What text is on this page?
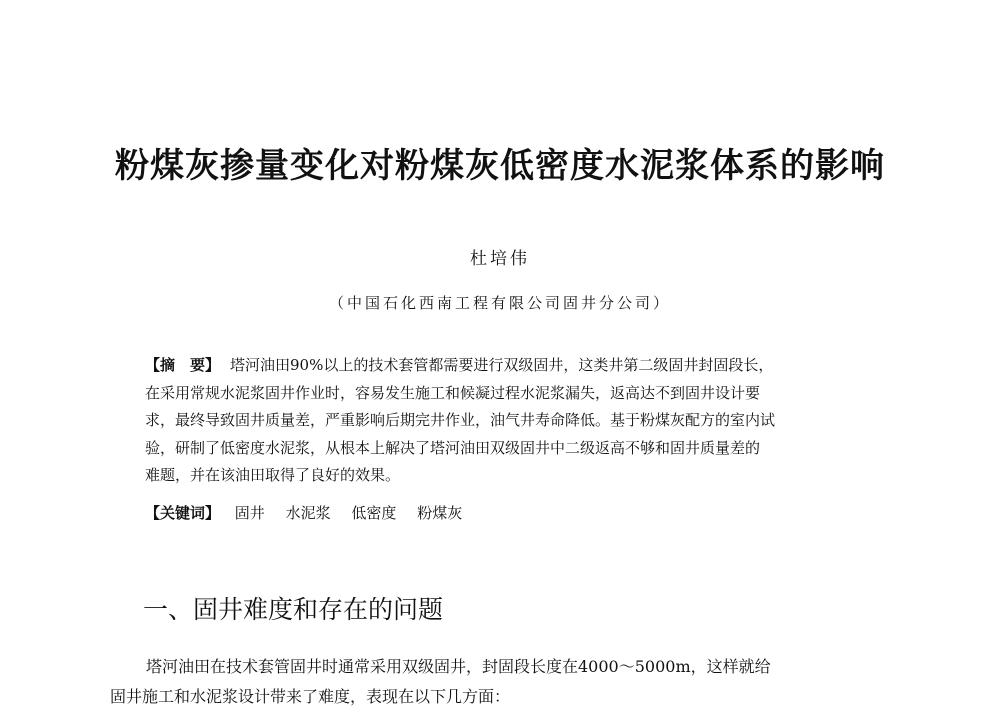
粉煤灰掺量变化对粉煤灰低密度水泥浆体系的影响
杜培伟
（中国石化西南工程有限公司固井分公司）
【摘　要】 塔河油田90%以上的技术套管都需要进行双级固井，这类井第二级固井封固段长，
在采用常规水泥浆固井作业时，容易发生施工和候凝过程水泥浆漏失，返高达不到固井设计要
求，最终导致固井质量差，严重影响后期完井作业，油气井寿命降低。基于粉煤灰配方的室内试
验，研制了低密度水泥浆，从根本上解决了塔河油田双级固井中二级返高不够和固井质量差的
难题，并在该油田取得了良好的效果。
【关键词】 固井 水泥浆 低密度 粉煤灰
一、固井难度和存在的问题
塔河油田在技术套管固井时通常采用双级固井，封固段长度在4000～5000m，这样就给
固井施工和水泥浆设计带来了难度，表现在以下几方面：
